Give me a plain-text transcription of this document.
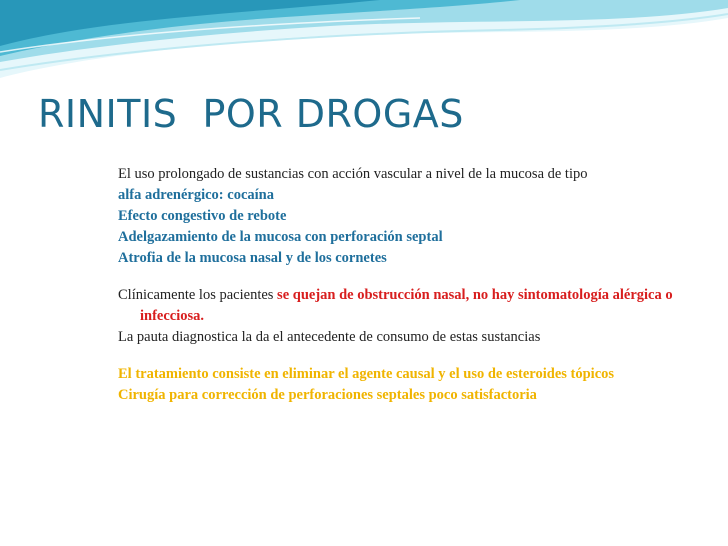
RINITIS  POR DROGAS
El uso prolongado de sustancias con acción vascular a nivel de la mucosa de tipo
alfa adrenérgico: cocaína
Efecto congestivo de rebote
Adelgazamiento de la mucosa con perforación septal
Atrofia de la mucosa nasal y de los cornetes
Clínicamente los pacientes se quejan de obstrucción nasal, no hay sintomatología alérgica o infecciosa.
La pauta diagnostica la da el antecedente de consumo de estas sustancias
El tratamiento consiste en eliminar el agente causal y el uso de esteroides tópicos
Cirugía para corrección de perforaciones septales poco satisfactoria
